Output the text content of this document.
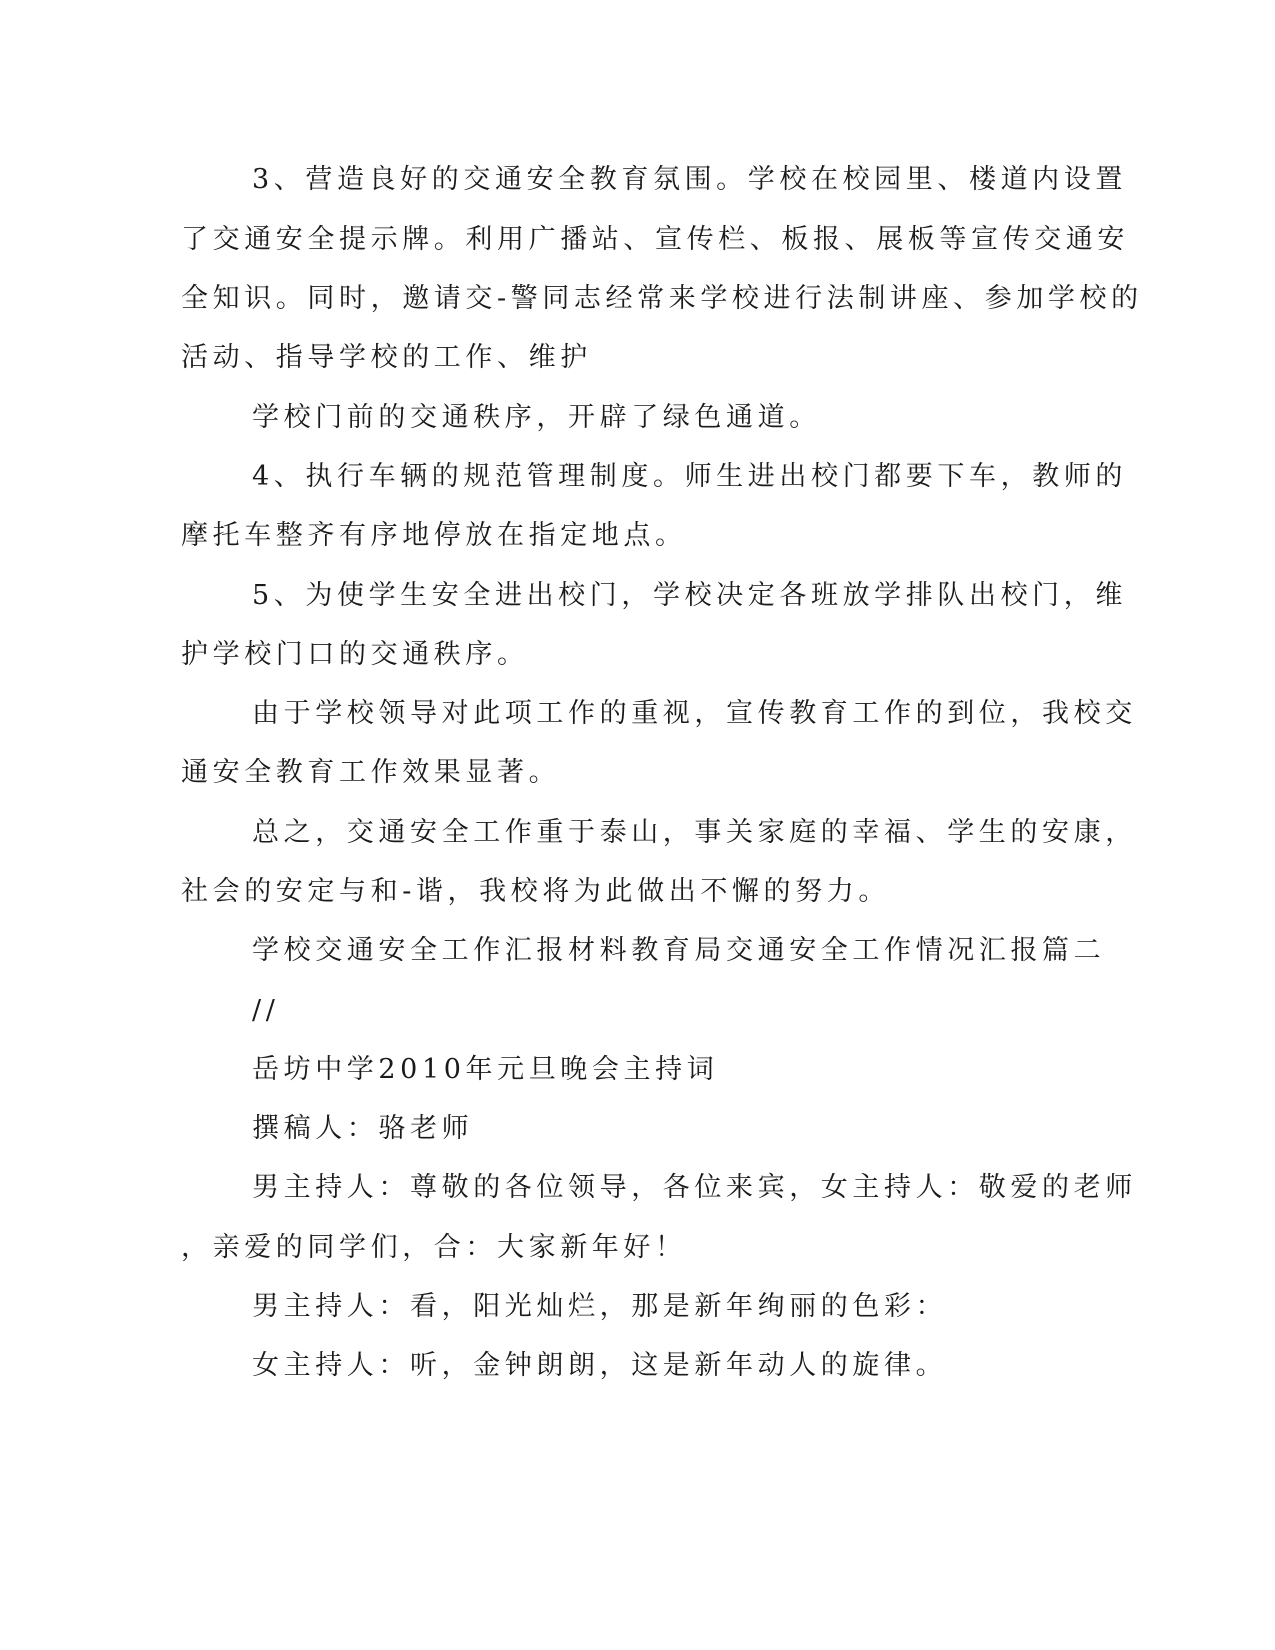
3、营造良好的交通安全教育氛围。学校在校园里、楼道内设置
了交通安全提示牌。利用广播站、宣传栏、板报、展板等宣传交通安
全知识。同时，邀请交-警同志经常来学校进行法制讲座、参加学校的
活动、指导学校的工作、维护
学校门前的交通秩序，开辟了绿色通道。
4、执行车辆的规范管理制度。师生进出校门都要下车，教师的
摩托车整齐有序地停放在指定地点。
5、为使学生安全进出校门，学校决定各班放学排队出校门，维
护学校门口的交通秩序。
由于学校领导对此项工作的重视，宣传教育工作的到位，我校交
通安全教育工作效果显著。
总之，交通安全工作重于泰山，事关家庭的幸福、学生的安康，
社会的安定与和-谐，我校将为此做出不懈的努力。
学校交通安全工作汇报材料教育局交通安全工作情况汇报篇二
//
岳坊中学2010年元旦晚会主持词
撰稿人：骆老师
男主持人：尊敬的各位领导，各位来宾，女主持人：敬爱的老师
，亲爱的同学们，合：大家新年好！
男主持人：看，阳光灿烂，那是新年绚丽的色彩：
女主持人：听，金钟朗朗，这是新年动人的旋律。
